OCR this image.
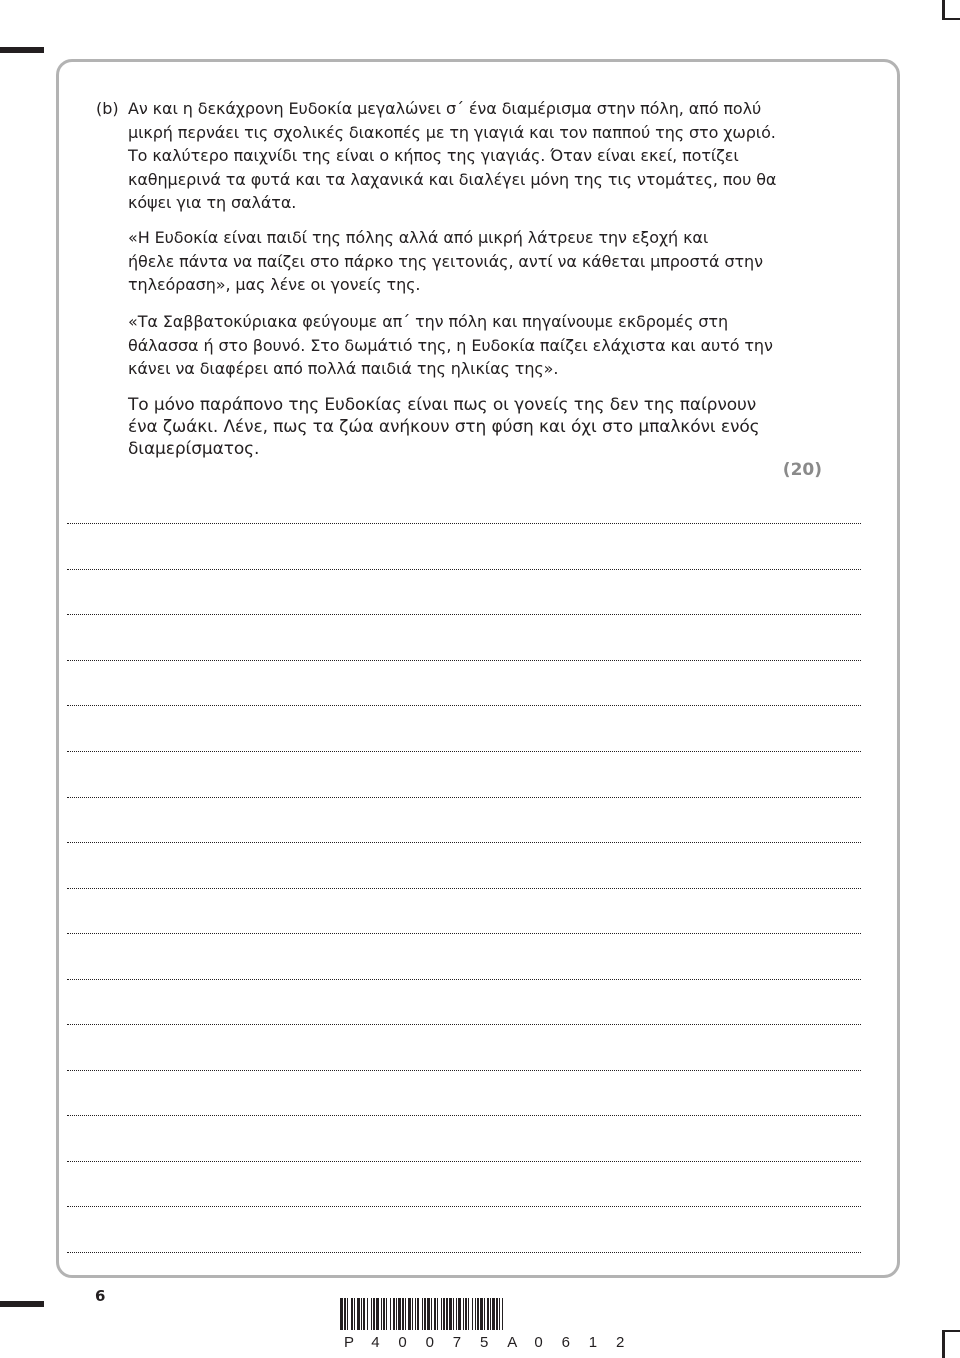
(b) Αν και η δεκάχρονη Ευδοκία μεγαλώνει σ΄ ένα διαμέρισμα στην πόλη, από πολύ
μικρή περνάει τις σχολικές διακοπές με τη γιαγιά και τον παππού της στο χωριό.
Το καλύτερο παιχνίδι της είναι ο κήπος της γιαγιάς. Όταν είναι εκεί, ποτίζει
καθημερινά τα φυτά και τα λαχανικά και διαλέγει μόνη της τις ντομάτες, που θα
κόψει για τη σαλάτα.
«Η Ευδοκία είναι παιδί της πόλης αλλά από μικρή λάτρευε την εξοχή και
ήθελε πάντα να παίζει στο πάρκο της γειτονιάς, αντί να κάθεται μπροστά στην
τηλεόραση», μας λένε οι γονείς της.
«Τα Σαββατοκύριακα φεύγουμε απ΄ την πόλη και πηγαίνουμε εκδρομές στη
θάλασσα ή στο βουνό. Στο δωμάτιό της, η Ευδοκία παίζει ελάχιστα και αυτό την
κάνει να διαφέρει από πολλά παιδιά της ηλικίας της».
Το μόνο παράπονο της Ευδοκίας είναι πως οι γονείς της δεν της παίρνουν
ένα ζωάκι. Λένε, πως τα ζώα ανήκουν στη φύση και όχι στο μπαλκόνι ενός
διαμερίσματος.
(20)
6
P 4 0 0 7 5 A 0 6 1 2
